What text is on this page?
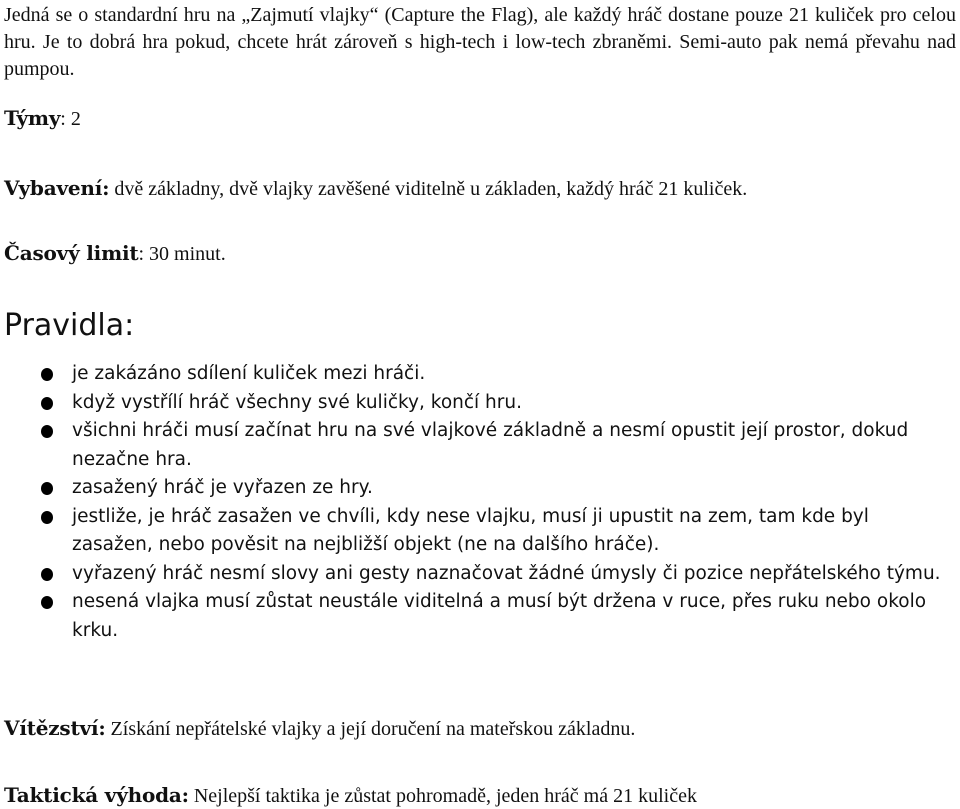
Jedná se o standardní hru na „Zajmutí vlajky“ (Capture the Flag), ale každý hráč dostane pouze 21 kuliček pro celou hru. Je to dobrá hra pokud, chcete hrát zároveň s high-tech i low-tech zbraněmi. Semi-auto pak nemá převahu nad pumpou.

Týmy: 2

Vybavení: dvě základny, dvě vlajky zavěšené viditelně u základen, každý hráč 21 kuliček.

Časový limit: 30 minut.

Pravidla:
je zakázáno sdílení kuliček mezi hráči.
když vystřílí hráč všechny své kuličky, končí hru.
všichni hráči musí začínat hru na své vlajkové základně a nesmí opustit její prostor, dokud nezačne hra.
zasažený hráč je vyřazen ze hry.
jestliže, je hráč zasažen ve chvíli, kdy nese vlajku, musí ji upustit na zem, tam kde byl zasažen, nebo pověsit na nejbližší objekt (ne na dalšího hráče).
vyřazený hráč nesmí slovy ani gesty naznačovat žádné úmysly či pozice nepřátelského týmu.
nesená vlajka musí zůstat neustále viditelná a musí být držena v ruce, přes ruku nebo okolo krku.

Vítězství: Získání nepřátelské vlajky a její doručení na mateřskou základnu.

Taktická výhoda: Nejlepší taktika je zůstat pohromadě, jeden hráč má 21 kuliček
